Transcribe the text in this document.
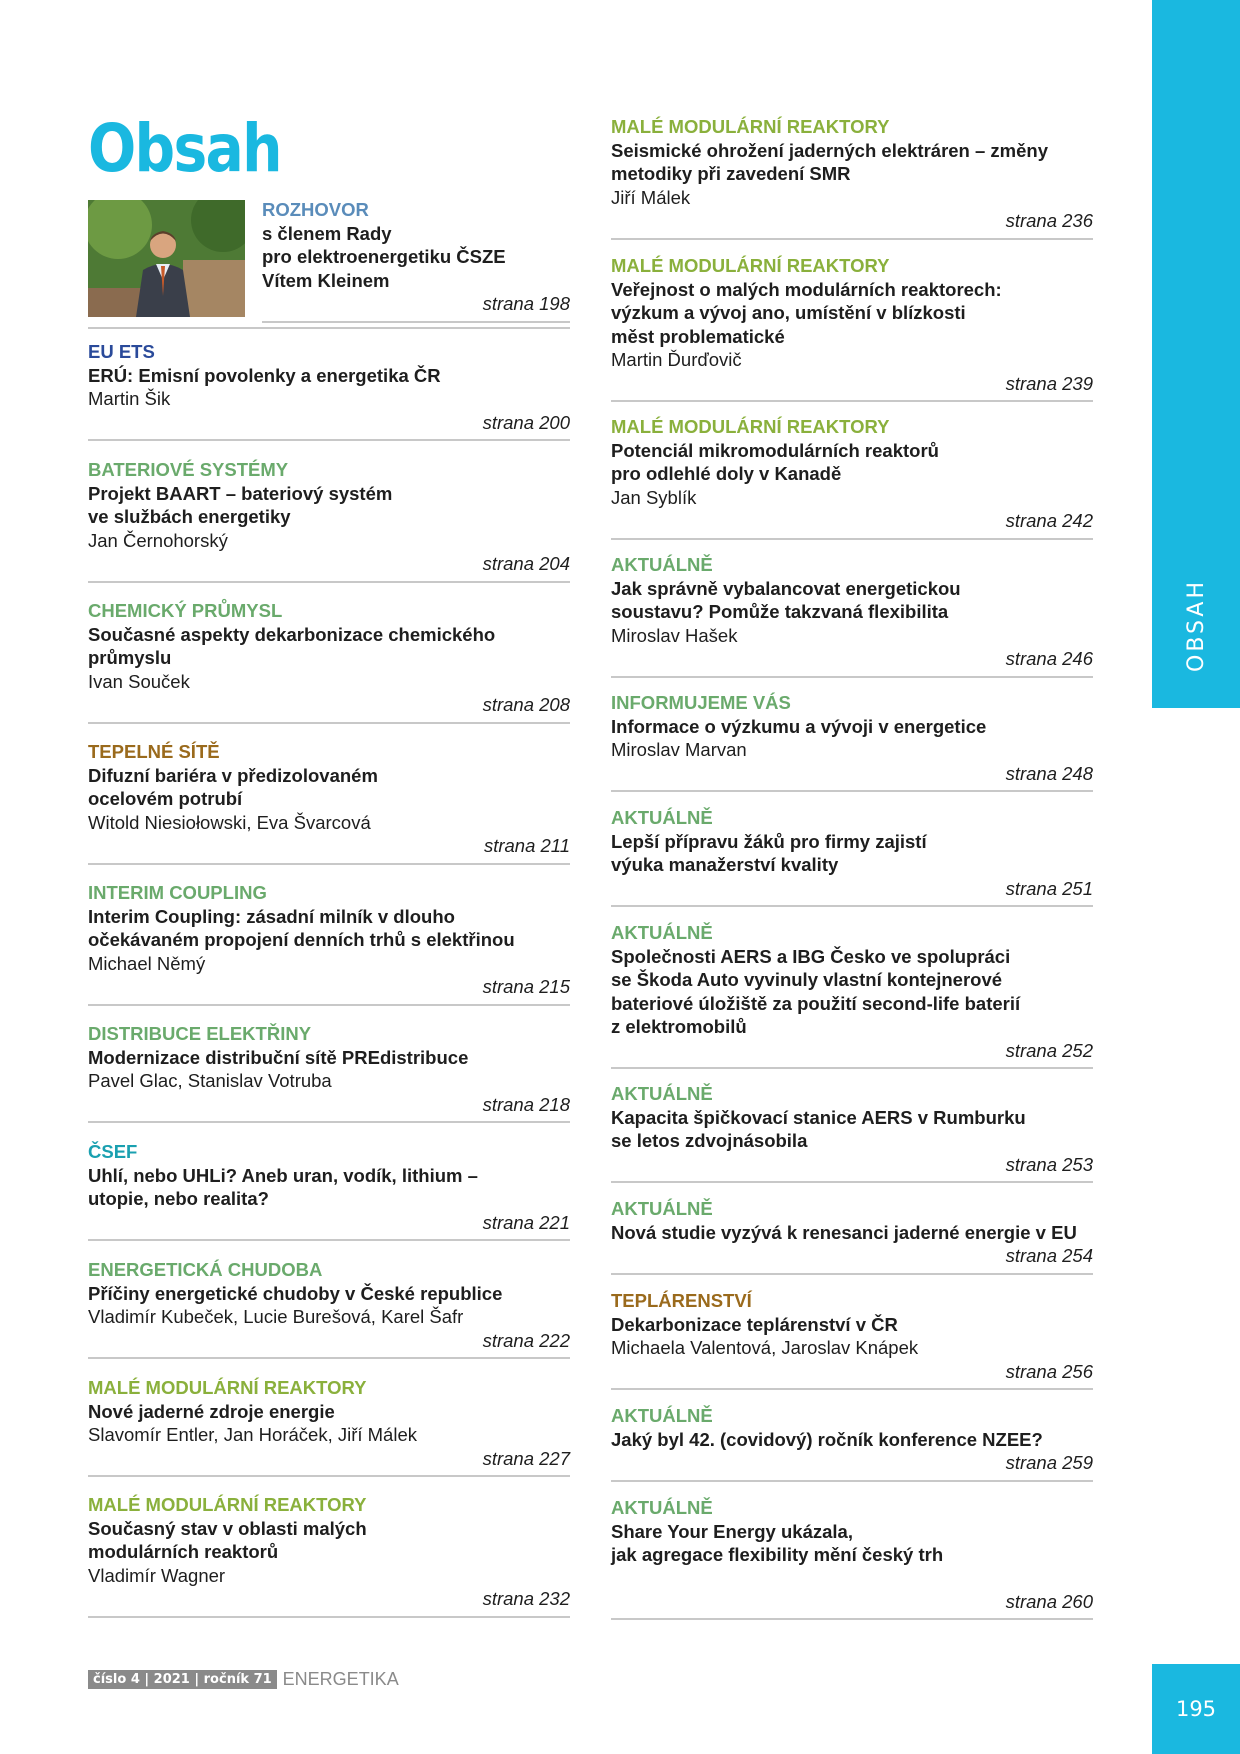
OBSAH
195
Obsah
ROZHOVOR
s členem Rady
pro elektroenergetiku ČSZE
Vítem Kleinem
strana 198
EU ETS
ERÚ: Emisní povolenky a energetika ČR
Martin Šik
strana 200
BATERIOVÉ SYSTÉMY
Projekt BAART – bateriový systém
ve službách energetiky
Jan Černohorský
strana 204
CHEMICKÝ PRŮMYSL
Současné aspekty dekarbonizace chemického
průmyslu
Ivan Souček
strana 208
TEPELNÉ SÍTĚ
Difuzní bariéra v předizolovaném
ocelovém potrubí
Witold Niesiołowski, Eva Švarcová
strana 211
INTERIM COUPLING
Interim Coupling: zásadní milník v dlouho
očekávaném propojení denních trhů s elektřinou
Michael Němý
strana 215
DISTRIBUCE ELEKTŘINY
Modernizace distribuční sítě PREdistribuce
Pavel Glac, Stanislav Votruba
strana 218
ČSEF
Uhlí, nebo UHLi? Aneb uran, vodík, lithium –
utopie, nebo realita?
strana 221
ENERGETICKÁ CHUDOBA
Příčiny energetické chudoby v České republice
Vladimír Kubeček, Lucie Burešová, Karel Šafr
strana 222
MALÉ MODULÁRNÍ REAKTORY
Nové jaderné zdroje energie
Slavomír Entler, Jan Horáček, Jiří Málek
strana 227
MALÉ MODULÁRNÍ REAKTORY
Současný stav v oblasti malých
modulárních reaktorů
Vladimír Wagner
strana 232
MALÉ MODULÁRNÍ REAKTORY
Seismické ohrožení jaderných elektráren – změny
metodiky při zavedení SMR
Jiří Málek
strana 236
MALÉ MODULÁRNÍ REAKTORY
Veřejnost o malých modulárních reaktorech:
výzkum a vývoj ano, umístění v blízkosti
měst problematické
Martin Ďurďovič
strana 239
MALÉ MODULÁRNÍ REAKTORY
Potenciál mikromodulárních reaktorů
pro odlehlé doly v Kanadě
Jan Syblík
strana 242
AKTUÁLNĚ
Jak správně vybalancovat energetickou
soustavu? Pomůže takzvaná flexibilita
Miroslav Hašek
strana 246
INFORMUJEME VÁS
Informace o výzkumu a vývoji v energetice
Miroslav Marvan
strana 248
AKTUÁLNĚ
Lepší přípravu žáků pro firmy zajistí
výuka manažerství kvality
strana 251
AKTUÁLNĚ
Společnosti AERS a IBG Česko ve spolupráci
se Škoda Auto vyvinuly vlastní kontejnerové
bateriové úložiště za použití second-life baterií
z elektromobilů
strana 252
AKTUÁLNĚ
Kapacita špičkovací stanice AERS v Rumburku
se letos zdvojnásobila
strana 253
AKTUÁLNĚ
Nová studie vyzývá k renesanci jaderné energie v EU
strana 254
TEPLÁRENSTVÍ
Dekarbonizace teplárenství v ČR
Michaela Valentová, Jaroslav Knápek
strana 256
AKTUÁLNĚ
Jaký byl 42. (covidový) ročník konference NZEE?
strana 259
AKTUÁLNĚ
Share Your Energy ukázala,
jak agregace flexibility mění český trh
strana 260
číslo 4 | 2021 | ročník 71 ENERGETIKA
